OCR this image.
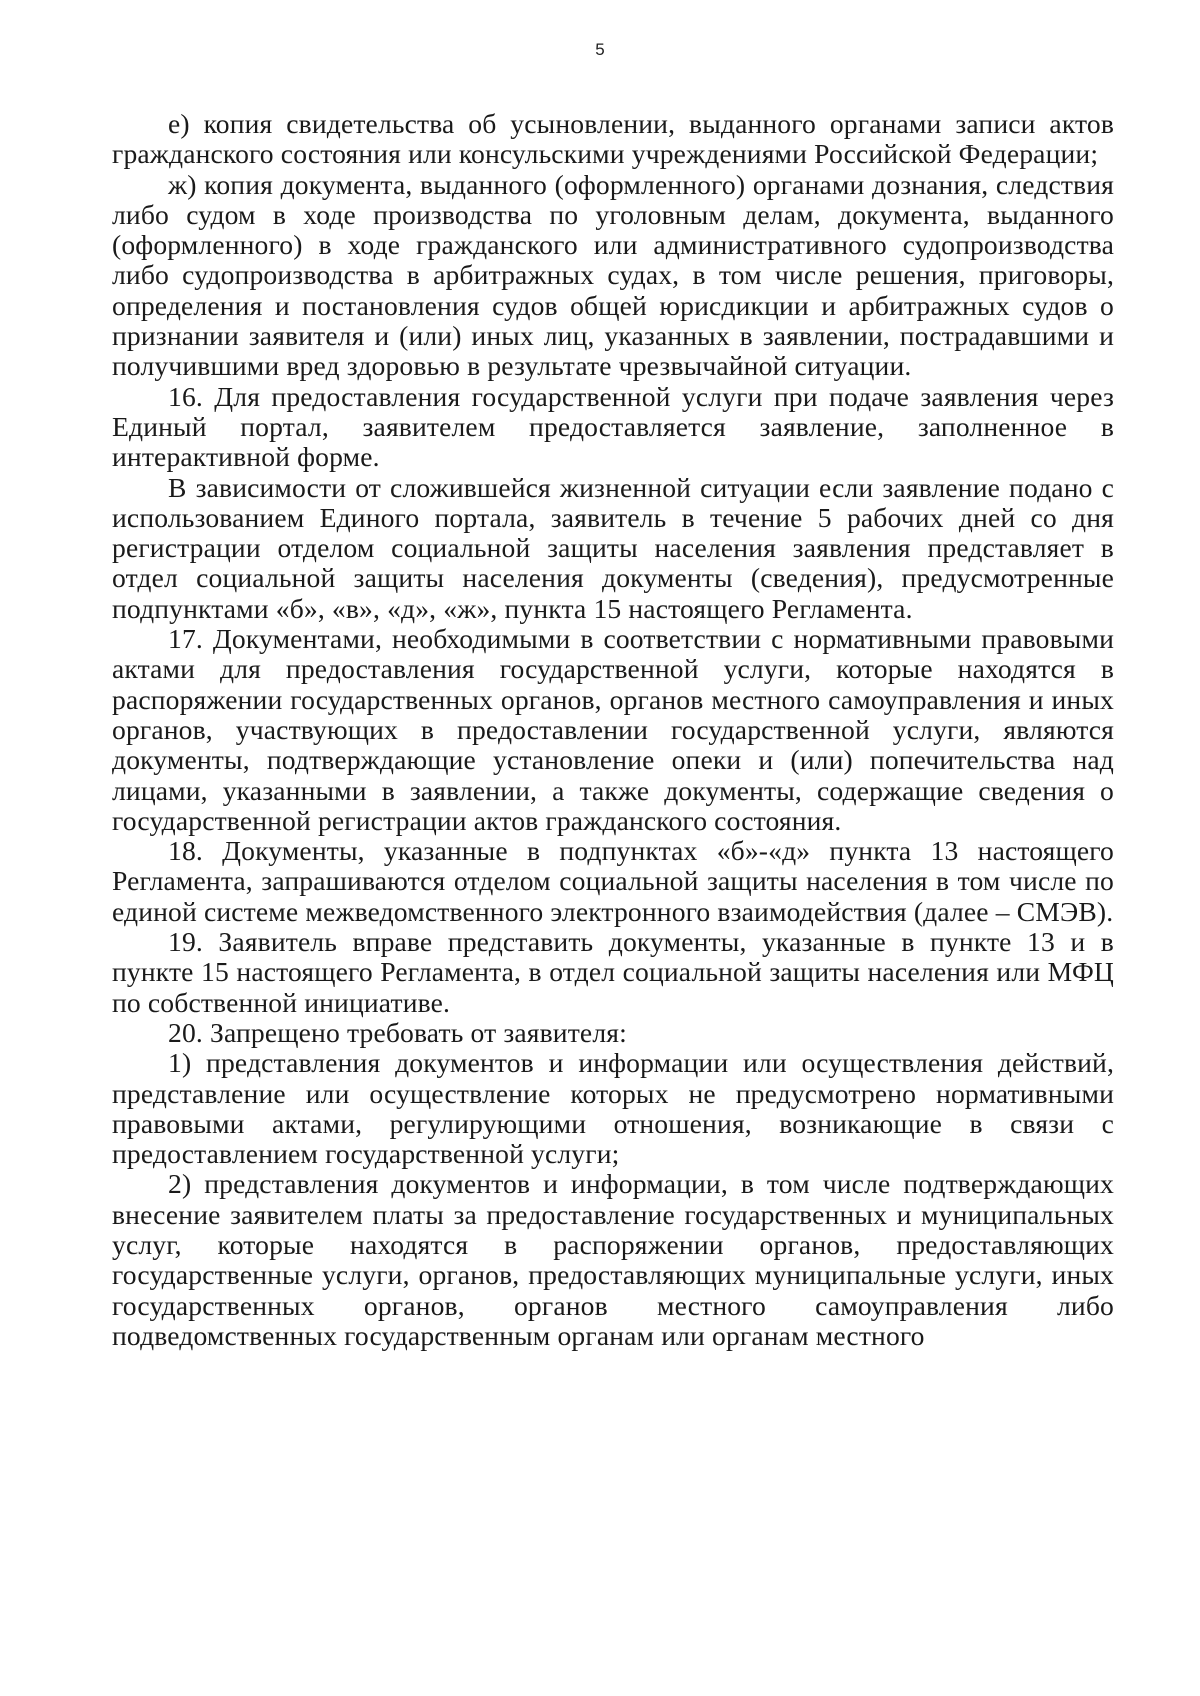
5

е) копия свидетельства об усыновлении, выданного органами записи актов гражданского состояния или консульскими учреждениями Российской Федерации;

ж) копия документа, выданного (оформленного) органами дознания, следствия либо судом в ходе производства по уголовным делам, документа, выданного (оформленного) в ходе гражданского или административного судопроизводства либо судопроизводства в арбитражных судах, в том числе решения, приговоры, определения и постановления судов общей юрисдикции и арбитражных судов о признании заявителя и (или) иных лиц, указанных в заявлении, пострадавшими и получившими вред здоровью в результате чрезвычайной ситуации.

16. Для предоставления государственной услуги при подаче заявления через Единый портал, заявителем предоставляется заявление, заполненное в интерактивной форме.

В зависимости от сложившейся жизненной ситуации если заявление подано с использованием Единого портала, заявитель в течение 5 рабочих дней со дня регистрации отделом социальной защиты населения заявления представляет в отдел социальной защиты населения документы (сведения), предусмотренные подпунктами «б», «в», «д», «ж», пункта 15 настоящего Регламента.

17. Документами, необходимыми в соответствии с нормативными правовыми актами для предоставления государственной услуги, которые находятся в распоряжении государственных органов, органов местного самоуправления и иных органов, участвующих в предоставлении государственной услуги, являются документы, подтверждающие установление опеки и (или) попечительства над лицами, указанными в заявлении, а также документы, содержащие сведения о государственной регистрации актов гражданского состояния.

18. Документы, указанные в подпунктах «б»-«д» пункта 13 настоящего Регламента, запрашиваются отделом социальной защиты населения в том числе по единой системе межведомственного электронного взаимодействия (далее – СМЭВ).

19. Заявитель вправе представить документы, указанные в пункте 13 и в пункте 15 настоящего Регламента, в отдел социальной защиты населения или МФЦ по собственной инициативе.

20. Запрещено требовать от заявителя:

1) представления документов и информации или осуществления действий, представление или осуществление которых не предусмотрено нормативными правовыми актами, регулирующими отношения, возникающие в связи с предоставлением государственной услуги;

2) представления документов и информации, в том числе подтверждающих внесение заявителем платы за предоставление государственных и муниципальных услуг, которые находятся в распоряжении органов, предоставляющих государственные услуги, органов, предоставляющих муниципальные услуги, иных государственных органов, органов местного самоуправления либо подведомственных государственным органам или органам местного
